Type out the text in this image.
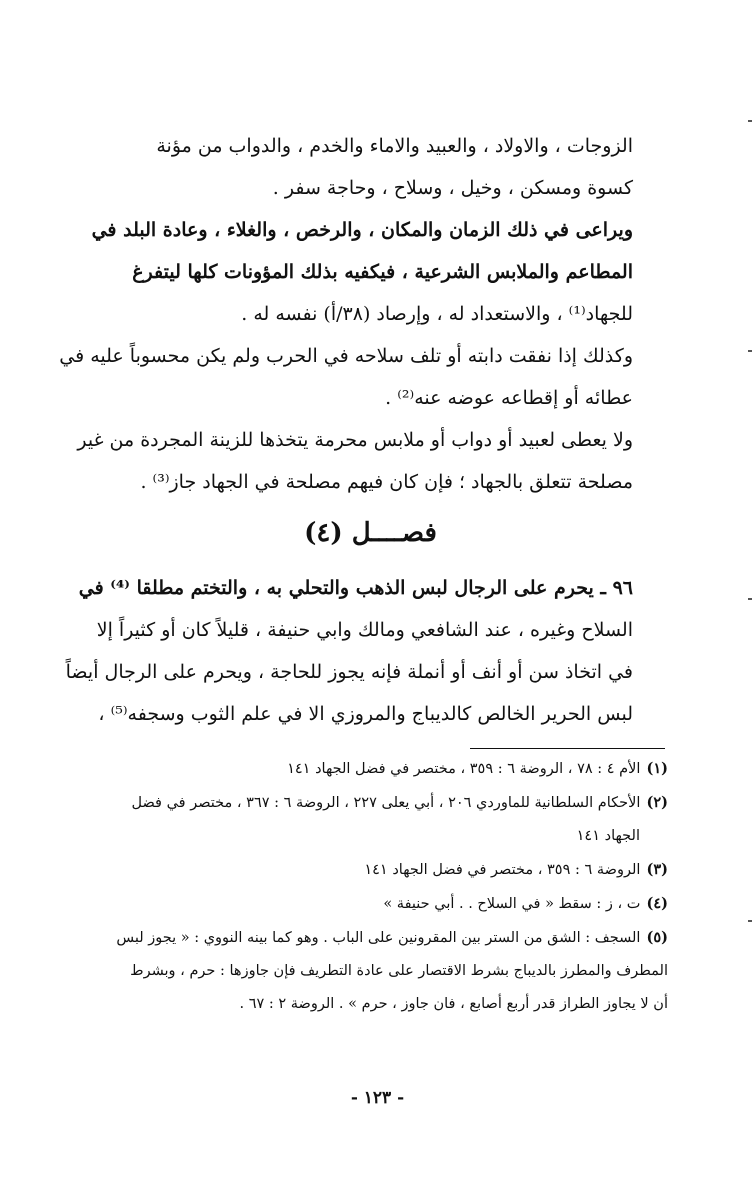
الزوجات ، والاولاد ، والعبيد والاماء والخدم ، والدواب من مؤنة
كسوة ومسكن ، وخيل ، وسلاح ، وحاجة سفر .
ويراعى في ذلك الزمان والمكان ، والرخص ، والغلاء ، وعادة البلد في
المطاعم والملابس الشرعية ، فيكفيه بذلك المؤونات كلها ليتفرغ
للجهاد⁽¹⁾ ، والاستعداد له ، وإرصاد (٣٨/أ) نفسه له .
وكذلك إذا نفقت دابته أو تلف سلاحه في الحرب ولم يكن محسوباً عليه في
عطائه أو إقطاعه عوضه عنه⁽²⁾ .
ولا يعطى لعبيد أو دواب أو ملابس محرمة يتخذها للزينة المجردة من غير
مصلحة تتعلق بالجهاد ؛ فإن كان فيهم مصلحة في الجهاد جاز⁽³⁾ .
فصــــل (٤)
٩٦ ـ يحرم على الرجال لبس الذهب والتحلي به ، والتختم مطلقا ⁽⁴⁾ في
السلاح وغيره ، عند الشافعي ومالك وابي حنيفة ، قليلاً كان أو كثيراً إلا
في اتخاذ سن أو أنف أو أنملة فإنه يجوز للحاجة ، ويحرم على الرجال أيضاً
لبس الحرير الخالص كالديباج والمروزي الا في علم الثوب وسجفه⁽⁵⁾ ،
(١)الأم ٤ : ٧٨ ، الروضة ٦ : ٣٥٩ ، مختصر في فضل الجهاد ١٤١
(٢)الأحكام السلطانية للماوردي ٢٠٦ ، أبي يعلى ٢٢٧ ، الروضة ٦ : ٣٦٧ ، مختصر في فضل
الجهاد ١٤١
(٣)الروضة ٦ : ٣٥٩ ، مختصر في فضل الجهاد ١٤١
(٤)ت ، ز : سقط « في السلاح . . أبي حنيفة »
(٥)السجف : الشق من الستر بين المقرونين على الباب . وهو كما بينه النووي : « يجوز لبس
المطرف والمطرز بالديباج بشرط الاقتصار على عادة التطريف فإن جاوزها : حرم ، وبشرط
أن لا يجاوز الطراز قدر أربع أصابع ، فان جاوز ، حرم » . الروضة ٢ : ٦٧ .
- ١٢٣ -
